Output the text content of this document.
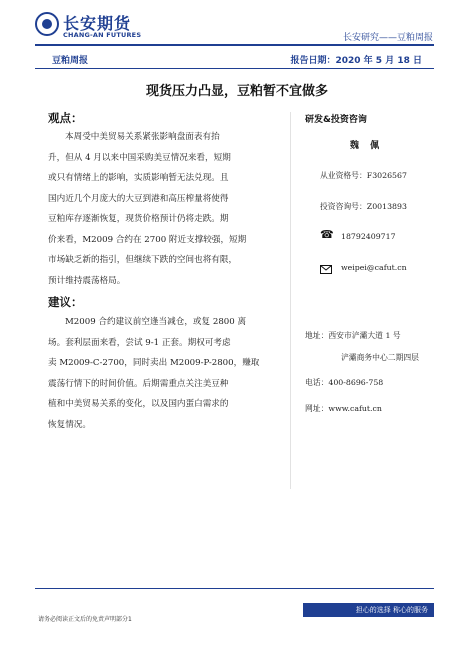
长安期货
CHANG-AN FUTURES	长安研究——豆粕周报
豆粕周报	报告日期：2020 年 5 月 18 日
现货压力凸显，豆粕暂不宜做多
观点：

本周受中美贸易关系紧张影响盘面表有抬

升，但从 4 月以来中国采购美豆情况来看，短期

或只有情绪上的影响，实质影响暂无法兑现。且

国内近几个月庞大的大豆到港和高压榨量将使得

豆粕库存逐渐恢复，现货价格预计仍将走跌。期

价来看，M2009 合约在 2700 附近支撑较强，短期

市场缺乏新的指引，但继续下跌的空间也将有限，

预计维持震荡格局。

建议：

M2009 合约建议前空逢当减仓，或复 2800 离

场。套利层面来看，尝试 9-1 正套。期权可考虑

卖 M2009-C-2700，同时卖出 M2009-P-2800，赚取

震荡行情下的时间价值。后期需重点关注美豆种

植和中美贸易关系的变化，以及国内蛋白需求的

恢复情况。

研发&投资咨询
魏 佩
从业资格号：F3026567
投资咨询号：Z0013893
☎ 18792409717
weipei@cafut.cn
地址：西安市浐灞大道 1 号
浐灞商务中心二期四层
电话：400-8696-758
网址：www.cafut.cn
请务必阅读正文后的免责声明部分1
担心的选择 称心的服务
